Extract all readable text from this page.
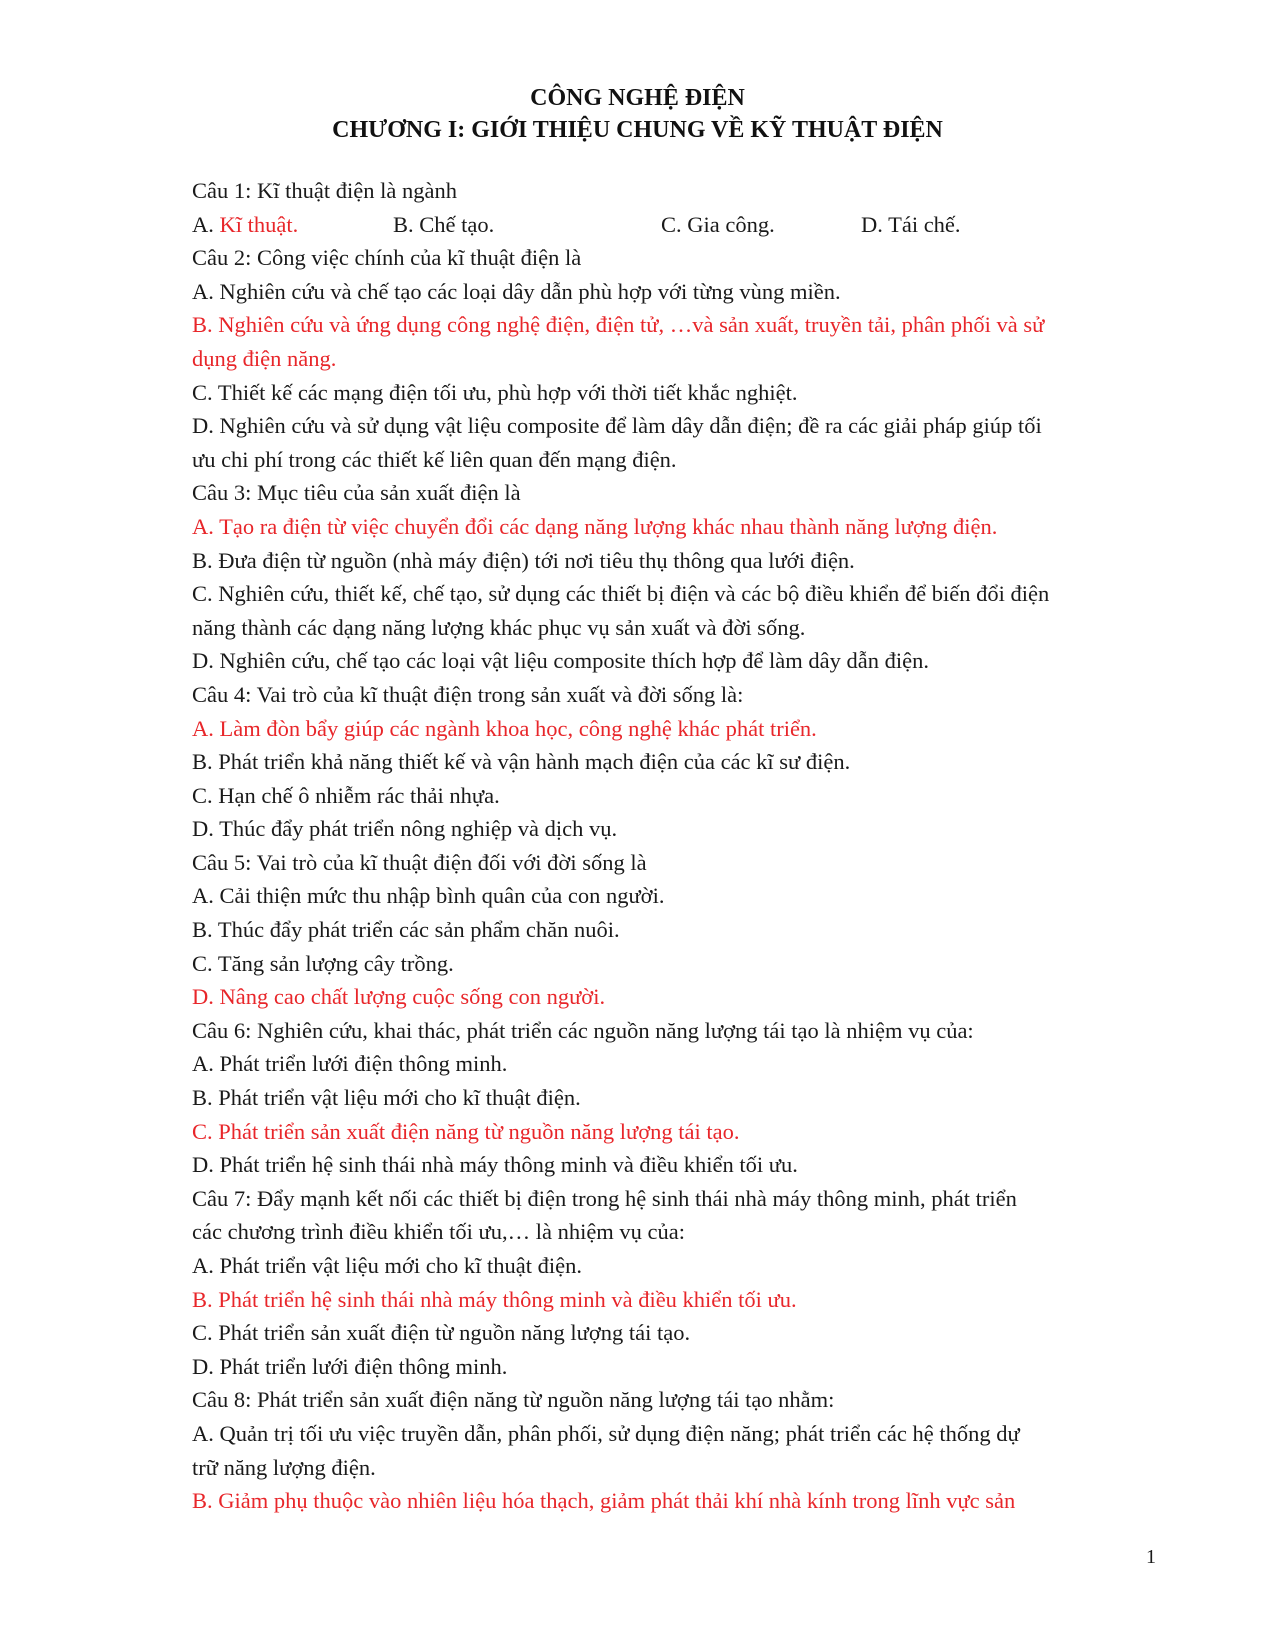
CÔNG NGHỆ ĐIỆN
CHƯƠNG I: GIỚI THIỆU CHUNG VỀ KỸ THUẬT ĐIỆN
Câu 1: Kĩ thuật điện là ngành
A. Kĩ thuật.	B. Chế tạo.	C. Gia công.	D. Tái chế.
Câu 2: Công việc chính của kĩ thuật điện là
A. Nghiên cứu và chế tạo các loại dây dẫn phù hợp với từng vùng miền.
B. Nghiên cứu và ứng dụng công nghệ điện, điện tử, …và sản xuất, truyền tải, phân phối và sử
dụng điện năng.
C. Thiết kế các mạng điện tối ưu, phù hợp với thời tiết khắc nghiệt.
D. Nghiên cứu và sử dụng vật liệu composite để làm dây dẫn điện; đề ra các giải pháp giúp tối
ưu chi phí trong các thiết kế liên quan đến mạng điện.
Câu 3: Mục tiêu của sản xuất điện là
A. Tạo ra điện từ việc chuyển đổi các dạng năng lượng khác nhau thành năng lượng điện.
B. Đưa điện từ nguồn (nhà máy điện) tới nơi tiêu thụ thông qua lưới điện.
C. Nghiên cứu, thiết kế, chế tạo, sử dụng các thiết bị điện và các bộ điều khiển để biến đổi điện
năng thành các dạng năng lượng khác phục vụ sản xuất và đời sống.
D. Nghiên cứu, chế tạo các loại vật liệu composite thích hợp để làm dây dẫn điện.
Câu 4: Vai trò của kĩ thuật điện trong sản xuất và đời sống là:
A. Làm đòn bẩy giúp các ngành khoa học, công nghệ khác phát triển.
B. Phát triển khả năng thiết kế và vận hành mạch điện của các kĩ sư điện.
C. Hạn chế ô nhiễm rác thải nhựa.
D. Thúc đẩy phát triển nông nghiệp và dịch vụ.
Câu 5: Vai trò của kĩ thuật điện đối với đời sống là
A. Cải thiện mức thu nhập bình quân của con người.
B. Thúc đẩy phát triển các sản phẩm chăn nuôi.
C. Tăng sản lượng cây trồng.
D. Nâng cao chất lượng cuộc sống con người.
Câu 6: Nghiên cứu, khai thác, phát triển các nguồn năng lượng tái tạo là nhiệm vụ của:
A. Phát triển lưới điện thông minh.
B. Phát triển vật liệu mới cho kĩ thuật điện.
C. Phát triển sản xuất điện năng từ nguồn năng lượng tái tạo.
D. Phát triển hệ sinh thái nhà máy thông minh và điều khiển tối ưu.
Câu 7: Đẩy mạnh kết nối các thiết bị điện trong hệ sinh thái nhà máy thông minh, phát triển
các chương trình điều khiển tối ưu,… là nhiệm vụ của:
A. Phát triển vật liệu mới cho kĩ thuật điện.
B. Phát triển hệ sinh thái nhà máy thông minh và điều khiển tối ưu.
C. Phát triển sản xuất điện từ nguồn năng lượng tái tạo.
D. Phát triển lưới điện thông minh.
Câu 8: Phát triển sản xuất điện năng từ nguồn năng lượng tái tạo nhằm:
A. Quản trị tối ưu việc truyền dẫn, phân phối, sử dụng điện năng; phát triển các hệ thống dự
trữ năng lượng điện.
B. Giảm phụ thuộc vào nhiên liệu hóa thạch, giảm phát thải khí nhà kính trong lĩnh vực sản
1
